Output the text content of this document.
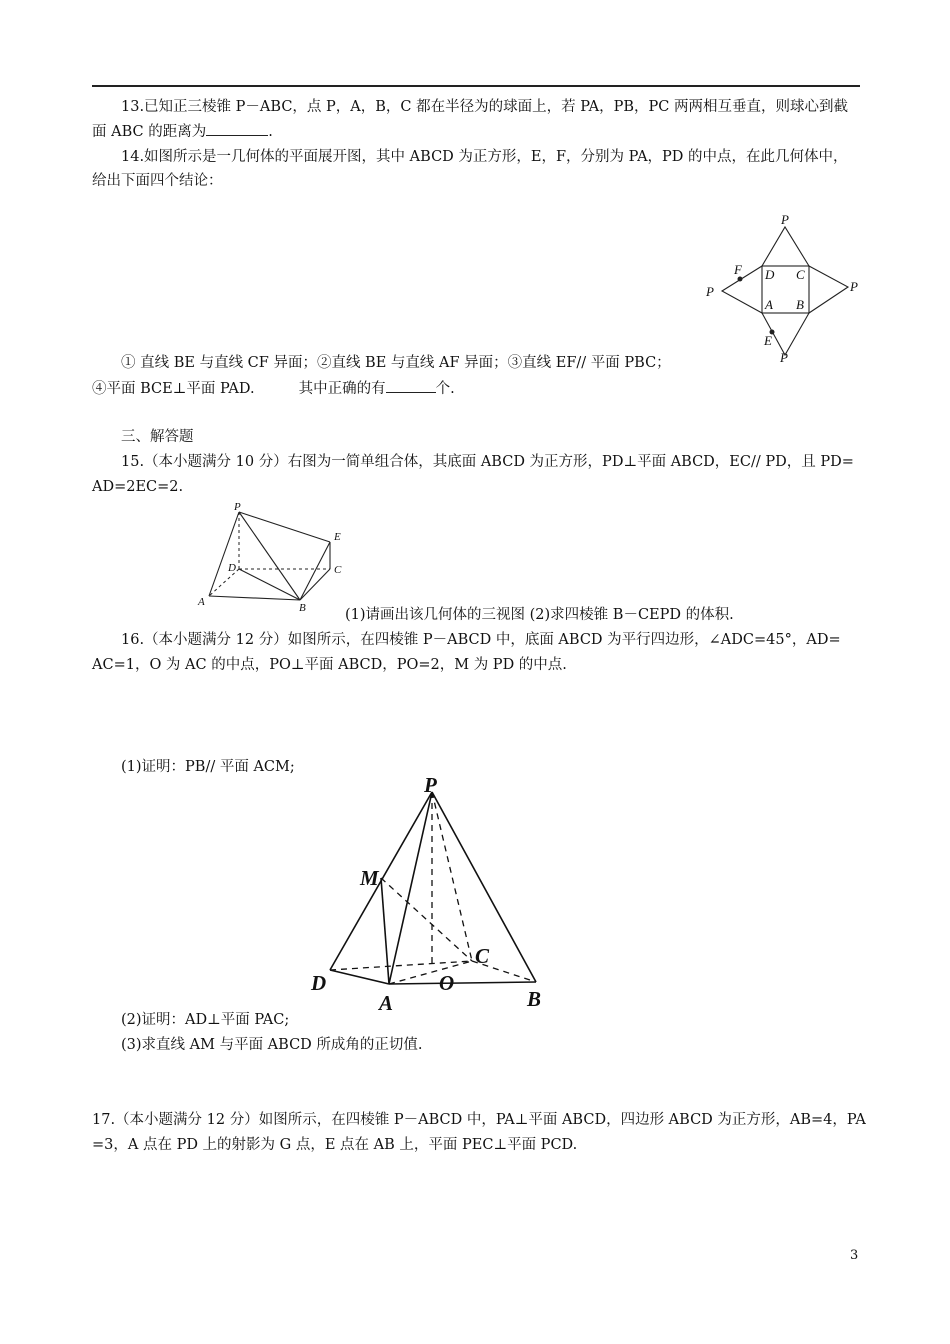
13.已知正三棱锥 P－ABC，点 P，A，B，C 都在半径为的球面上，若 PA，PB，PC 两两相互垂直，则球心到截
面 ABC 的距离为	.
14.如图所示是一几何体的平面展开图，其中 ABCD 为正方形，E，F，分别为 PA，PD 的中点，在此几何体中，
给出下面四个结论：
P
F D C
P
A B
P
E
P
① 直线 BE 与直线 CF 异面；②直线 BE 与直线 AF 异面；③直线 EF// 平面 PBC；
④平面 BCE⊥平面 PAD.	其中正确的有	个.
三、解答题
15.（本小题满分 10 分）右图为一简单组合体，其底面 ABCD 为正方形，PD⊥平面 ABCD，EC// PD，且 PD=
AD=2EC=2.
P
E
D	C
A	B	(1)请画出该几何体的三视图 (2)求四棱锥 B－CEPD 的体积.
16.（本小题满分 12 分）如图所示，在四棱锥 P－ABCD 中，底面 ABCD 为平行四边形，∠ADC=45°，AD=
AC=1，O 为 AC 的中点，PO⊥平面 ABCD，PO=2，M 为 PD 的中点.
(1)证明：PB// 平面 ACM;
P
M
C
D	O
A	B
(2)证明：AD⊥平面 PAC;
(3)求直线 AM 与平面 ABCD 所成角的正切值.
17.（本小题满分 12 分）如图所示，在四棱锥 P－ABCD 中，PA⊥平面 ABCD，四边形 ABCD 为正方形，AB=4，PA
=3，A 点在 PD 上的射影为 G 点，E 点在 AB 上，平面 PEC⊥平面 PCD.
3
